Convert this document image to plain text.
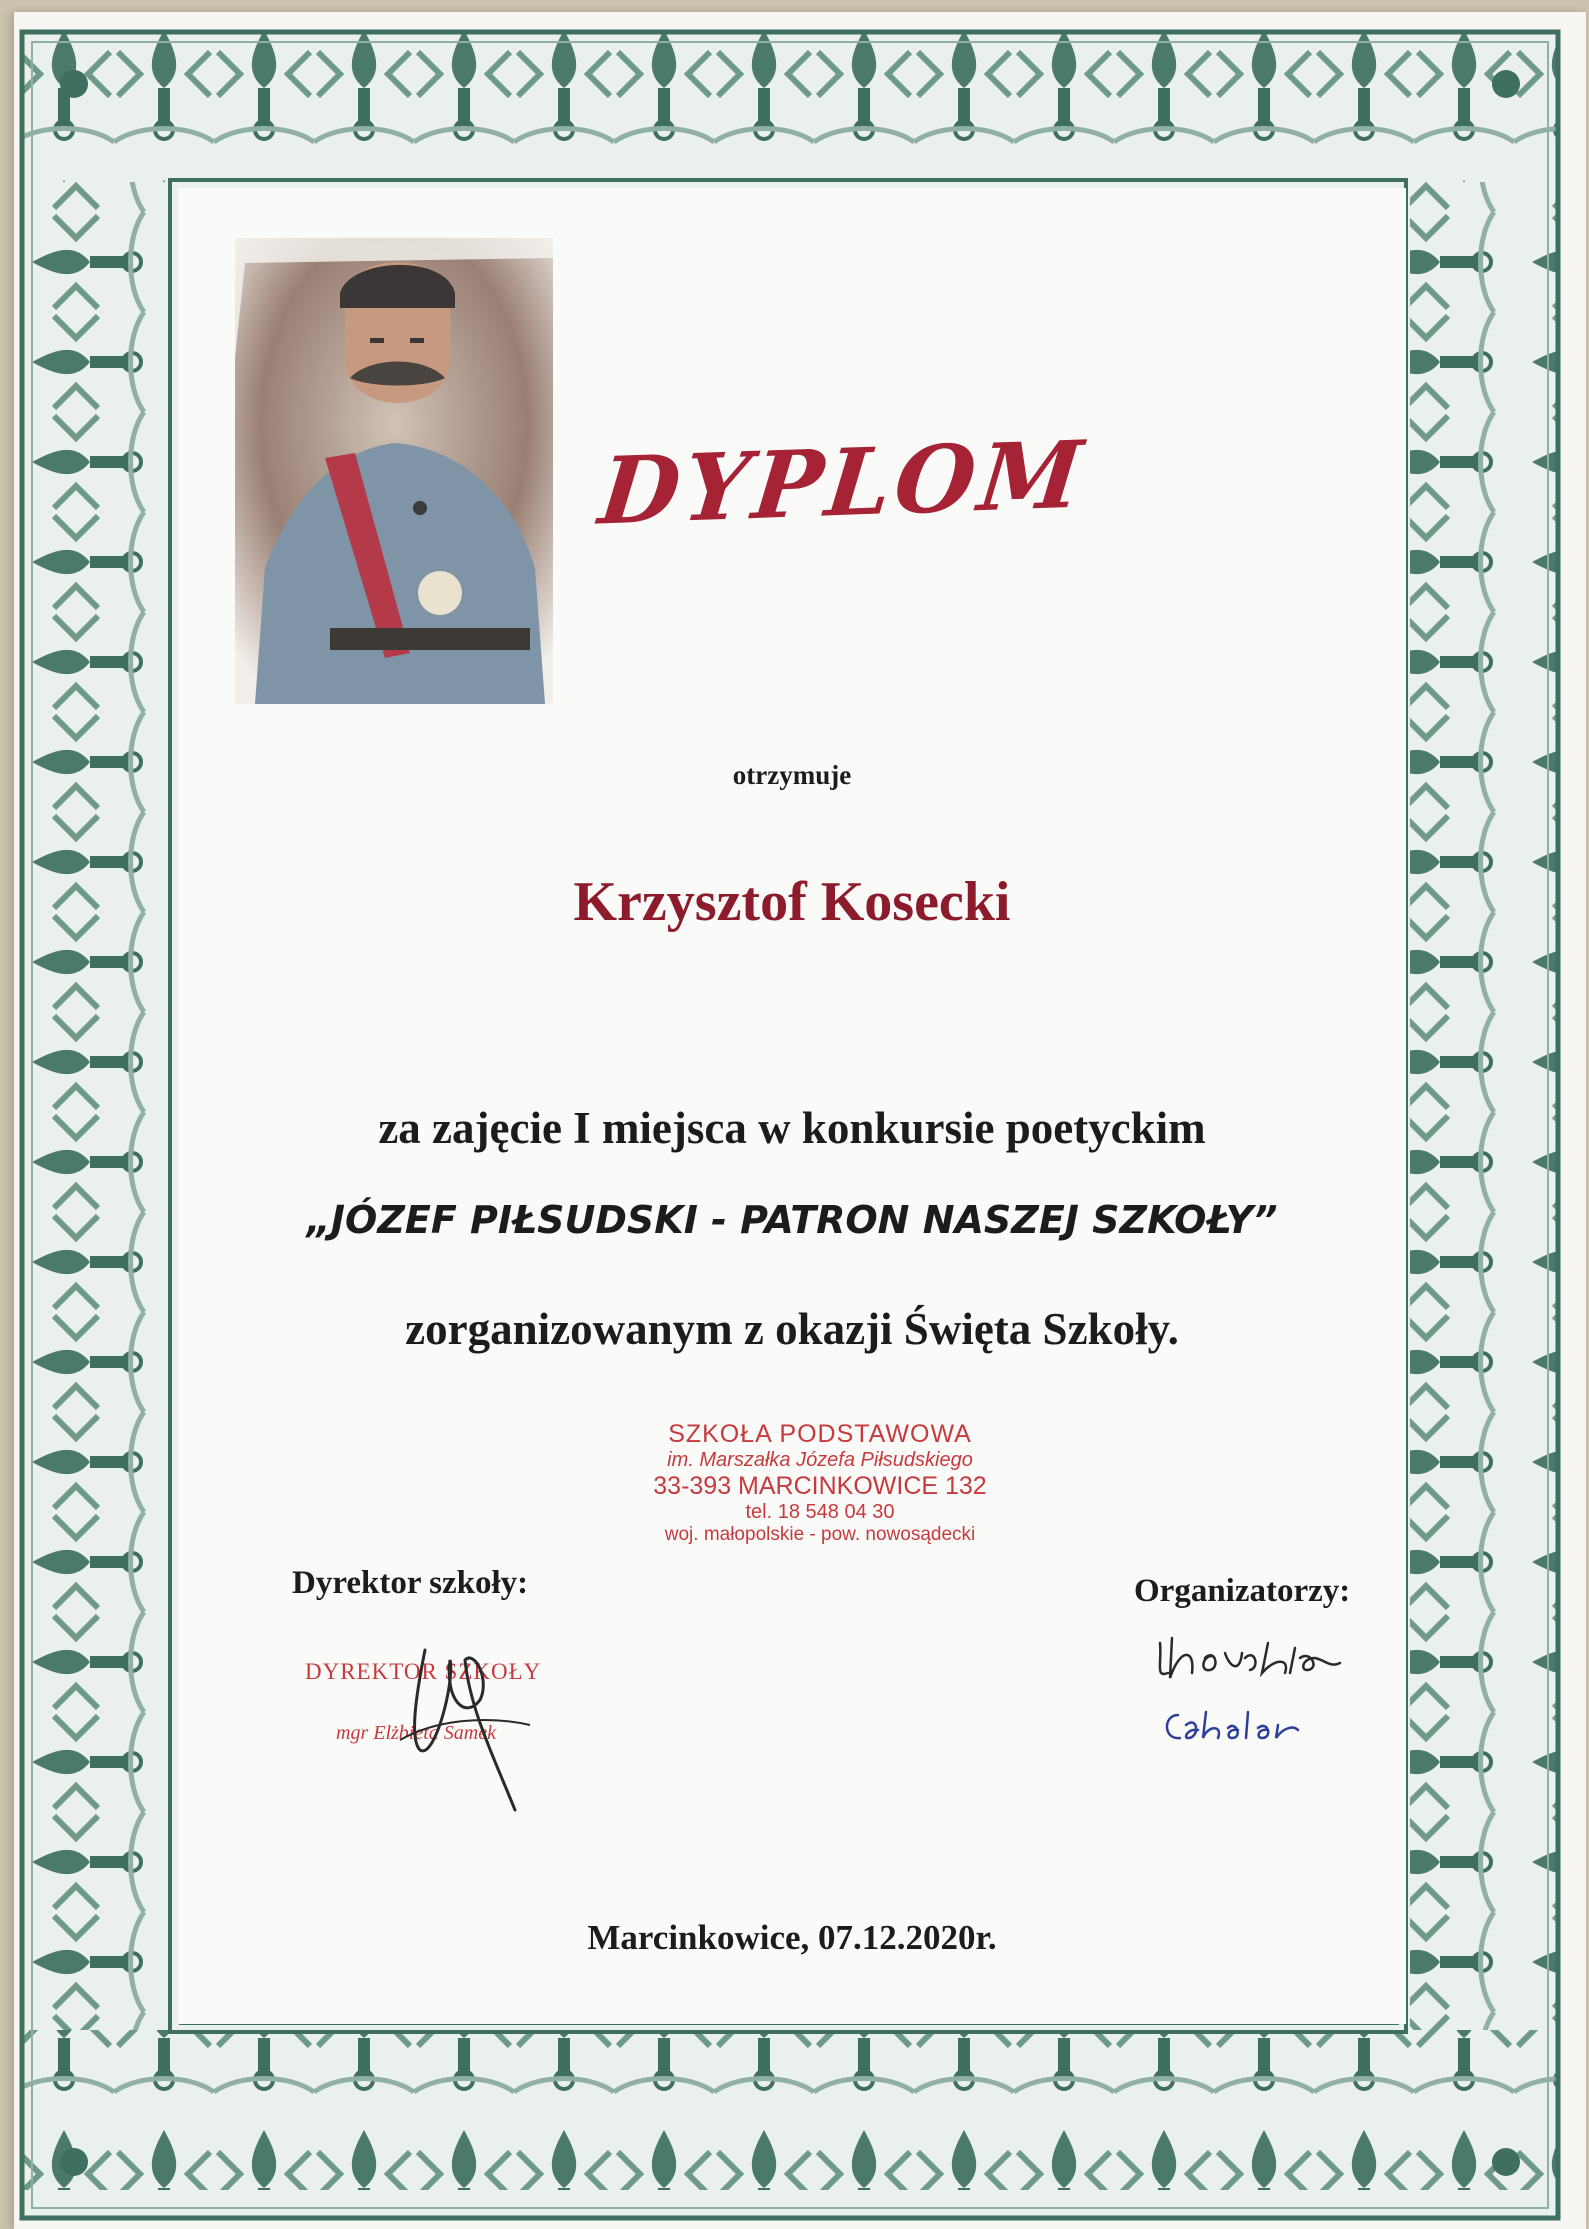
DYPLOM
otrzymuje
Krzysztof Kosecki
za zajęcie I miejsca w konkursie poetyckim
„JÓZEF PIŁSUDSKI - PATRON NASZEJ SZKOŁY”
zorganizowanym z okazji Święta Szkoły.
SZKOŁA PODSTAWOWA
im. Marszałka Józefa Piłsudskiego
33-393 MARCINKOWICE 132
tel. 18 548 04 30
woj. małopolskie - pow. nowosądecki
Dyrektor szkoły:	Organizatorzy:
DYREKTOR SZKOŁY
mgr Elżbieta Samek
Marcinkowice, 07.12.2020r.
